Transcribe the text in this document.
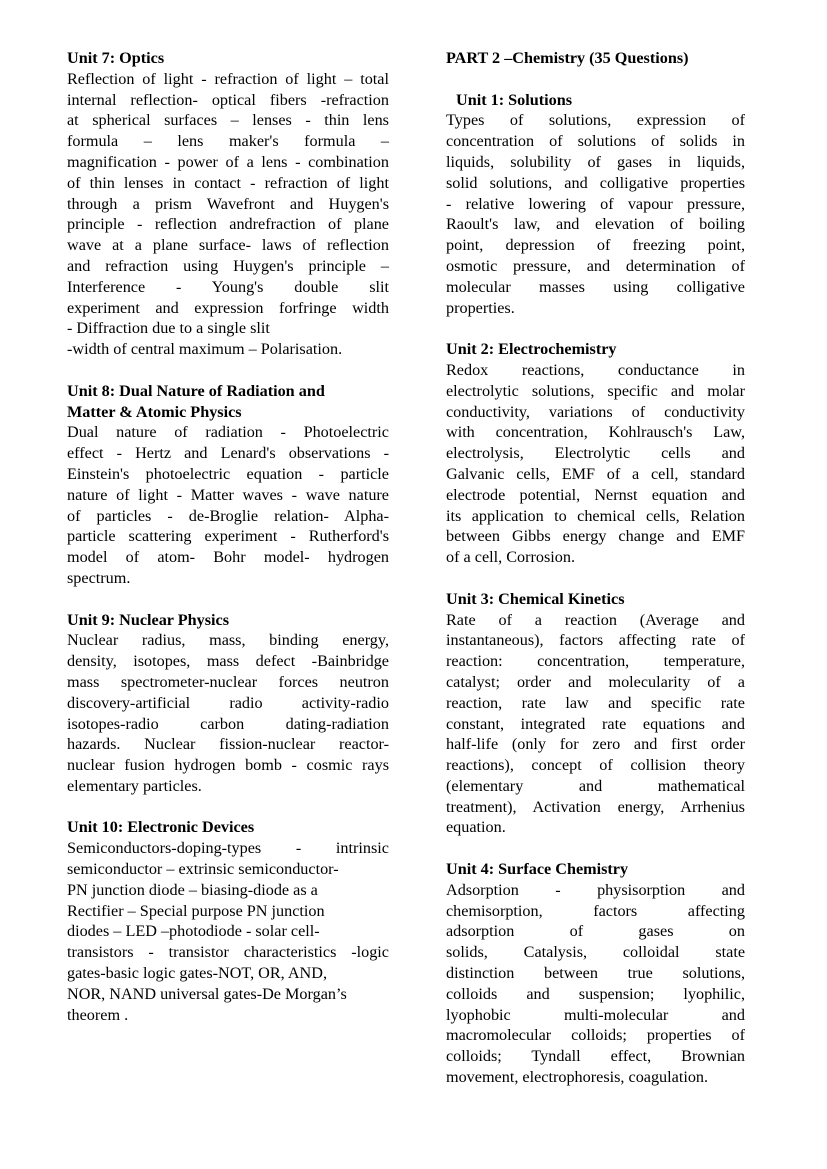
Unit 7: Optics
Reflection of light - refraction of light – total
internal reflection- optical fibers -refraction
at spherical surfaces – lenses - thin lens
formula – lens maker's formula –
magnification - power of a lens - combination
of thin lenses in contact - refraction of light
through a prism Wavefront and Huygen's
principle - reflection andrefraction of plane
wave at a plane surface- laws of reflection
and refraction using Huygen's principle –
Interference - Young's double slit
experiment and expression forfringe width
- Diffraction due to a single slit
-width of central maximum – Polarisation.
Unit 8: Dual Nature of Radiation and
Matter & Atomic Physics
Dual nature of radiation - Photoelectric
effect - Hertz and Lenard's observations -
Einstein's photoelectric equation - particle
nature of light - Matter waves - wave nature
of particles - de-Broglie relation- Alpha-
particle scattering experiment - Rutherford's
model of atom- Bohr model- hydrogen
spectrum.
Unit 9: Nuclear Physics
Nuclear radius, mass, binding energy,
density, isotopes, mass defect -Bainbridge
mass spectrometer-nuclear forces neutron
discovery-artificial radio activity-radio
isotopes-radio carbon dating-radiation
hazards. Nuclear fission-nuclear reactor-
nuclear fusion hydrogen bomb - cosmic rays
elementary particles.
Unit 10: Electronic Devices
Semiconductors-doping-types - intrinsic
semiconductor – extrinsic semiconductor-
PN junction diode – biasing-diode as a
Rectifier – Special purpose PN junction
diodes – LED –photodiode - solar cell-
transistors - transistor characteristics -logic
gates-basic logic gates-NOT, OR, AND,
NOR, NAND universal gates-De Morgan’s
theorem .
PART 2 –Chemistry (35 Questions)
Unit 1: Solutions
Types of solutions, expression of
concentration of solutions of solids in
liquids, solubility of gases in liquids,
solid solutions, and colligative properties
- relative lowering of vapour pressure,
Raoult's law, and elevation of boiling
point, depression of freezing point,
osmotic pressure, and determination of
molecular masses using colligative
properties.
Unit 2: Electrochemistry
Redox reactions, conductance in
electrolytic solutions, specific and molar
conductivity, variations of conductivity
with concentration, Kohlrausch's Law,
electrolysis, Electrolytic cells and
Galvanic cells, EMF of a cell, standard
electrode potential, Nernst equation and
its application to chemical cells, Relation
between Gibbs energy change and EMF
of a cell, Corrosion.
Unit 3: Chemical Kinetics
Rate of a reaction (Average and
instantaneous), factors affecting rate of
reaction: concentration, temperature,
catalyst; order and molecularity of a
reaction, rate law and specific rate
constant, integrated rate equations and
half-life (only for zero and first order
reactions), concept of collision theory
(elementary and mathematical
treatment), Activation energy, Arrhenius
equation.
Unit 4: Surface Chemistry
Adsorption - physisorption and
chemisorption, factors affecting
adsorption of gases on
solids, Catalysis, colloidal state
distinction between true solutions,
colloids and suspension; lyophilic,
lyophobic multi-molecular and
macromolecular colloids; properties of
colloids; Tyndall effect, Brownian
movement, electrophoresis, coagulation.
